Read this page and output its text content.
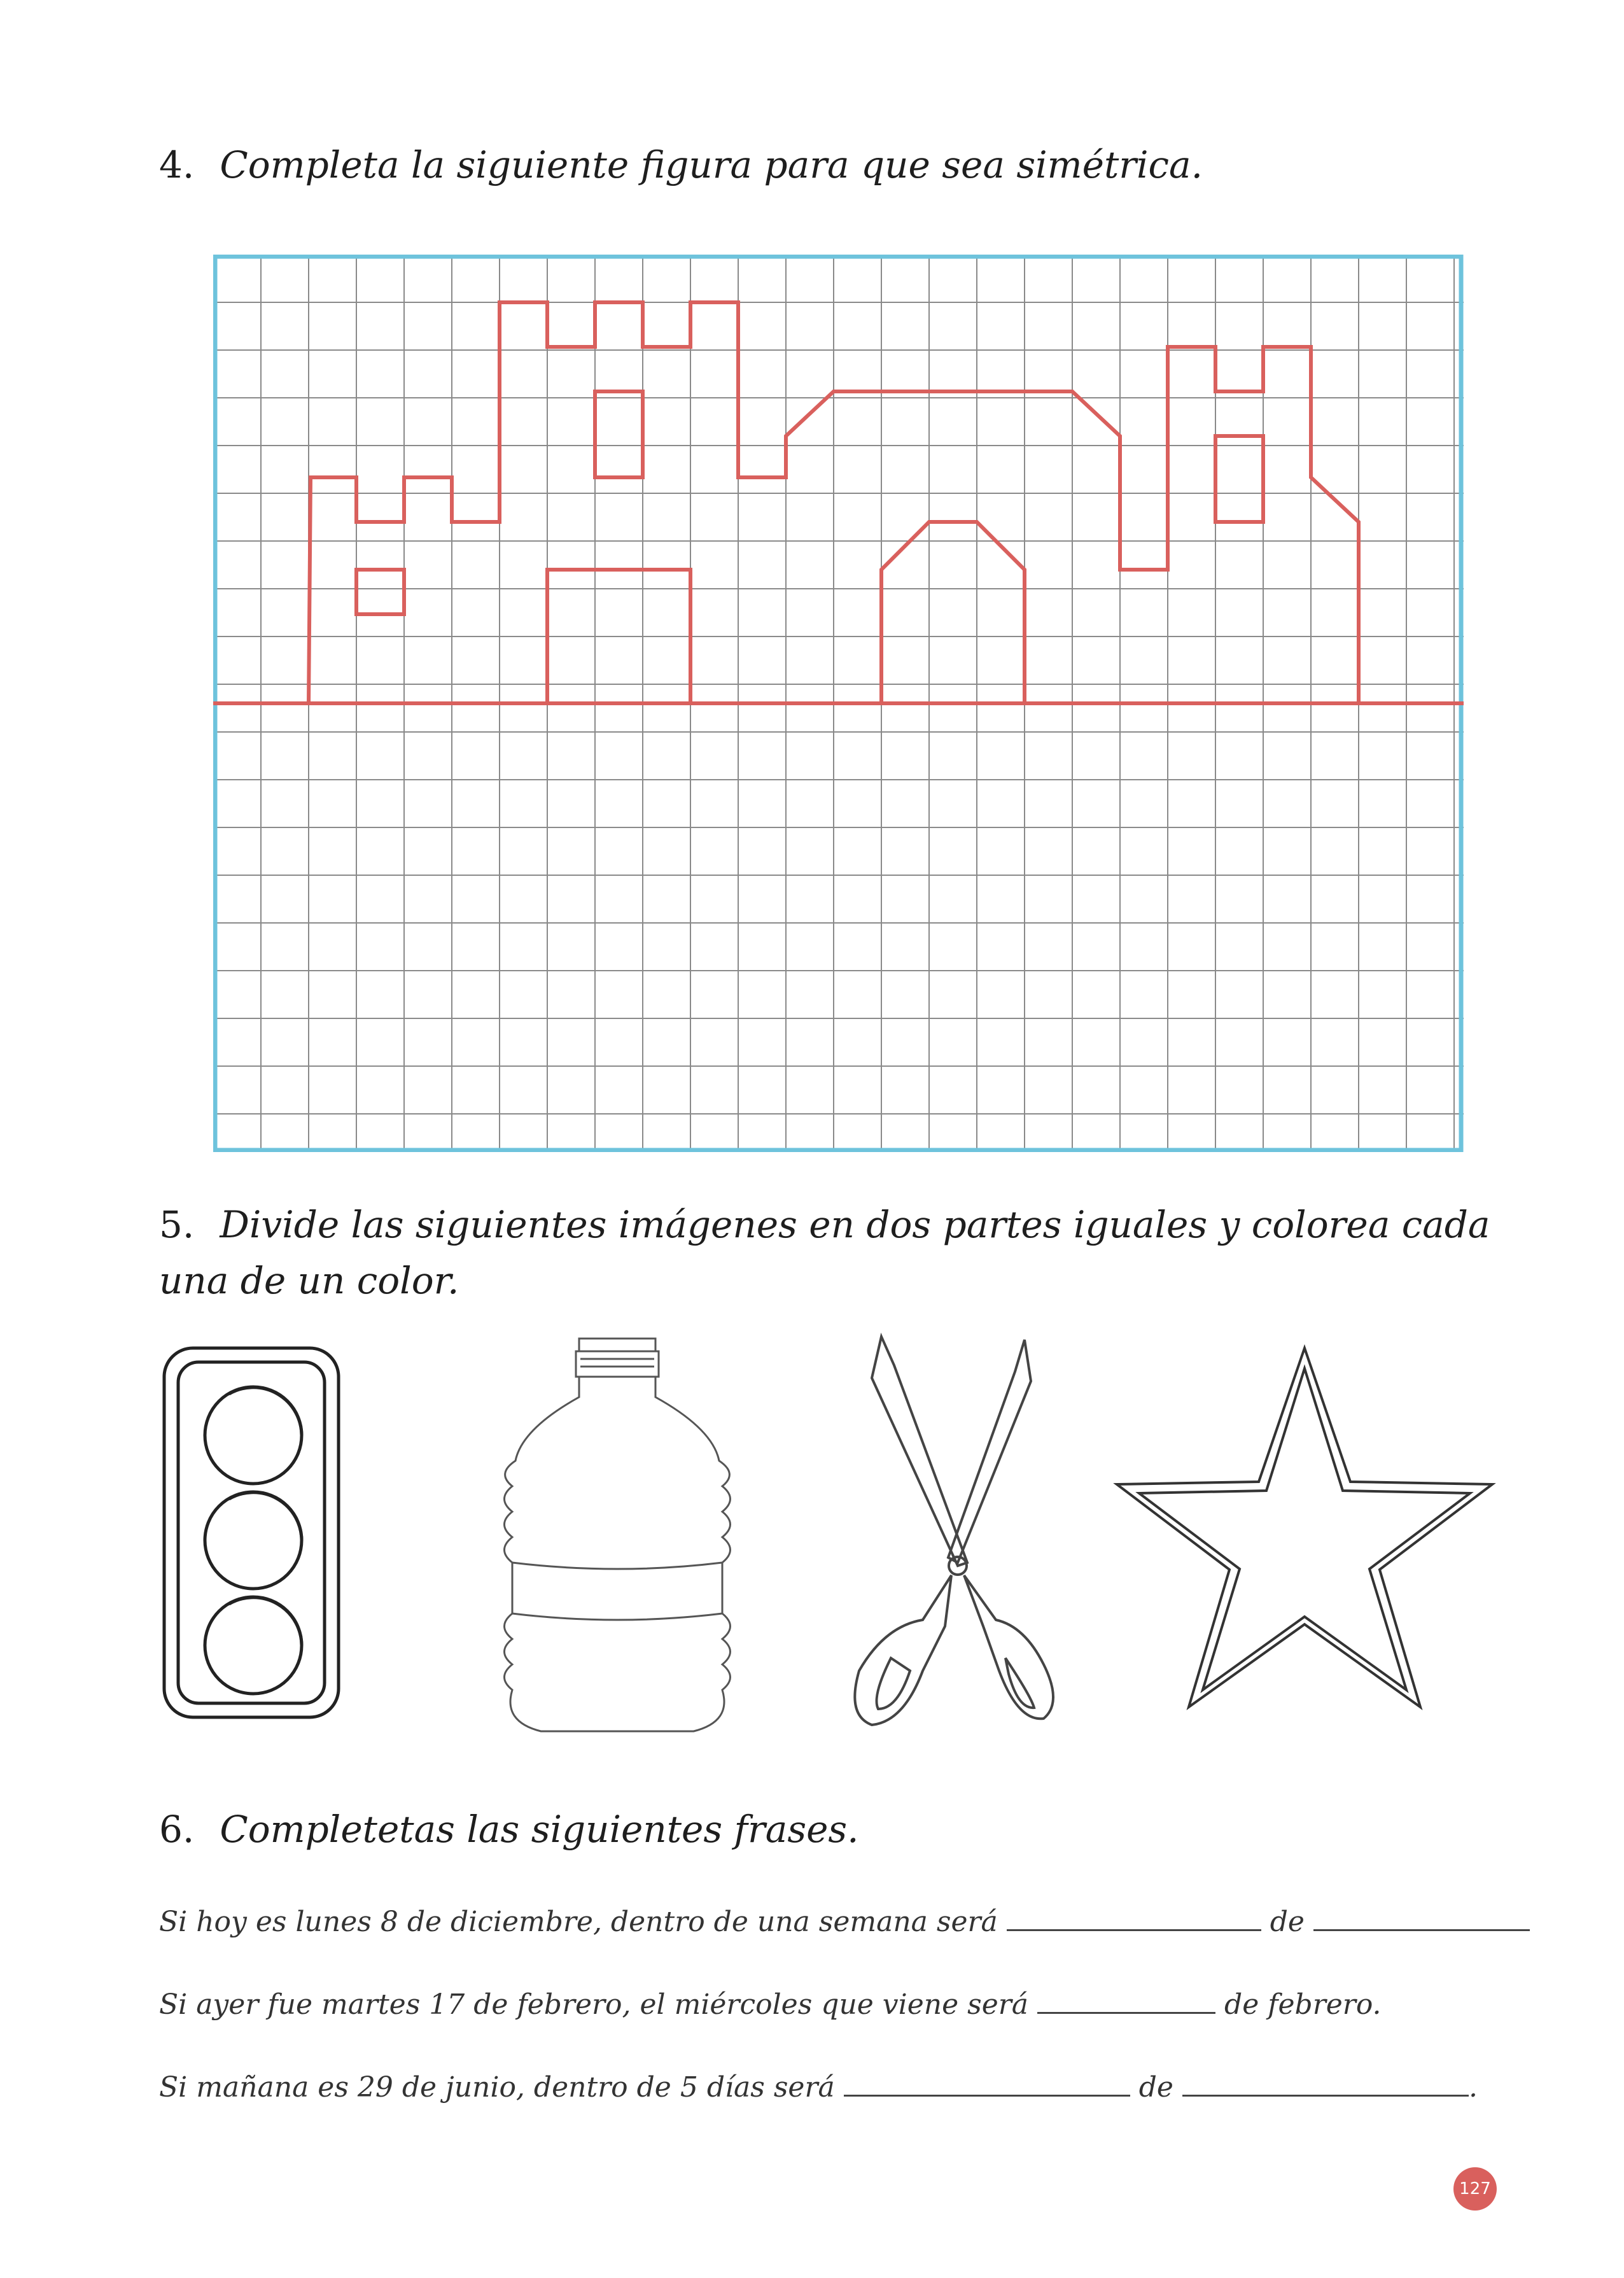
4. Completa la siguiente figura para que sea simétrica.
5. Divide las siguientes imágenes en dos partes iguales y colorea cada una de un color.
6. Completetas las siguientes frases.
Si hoy es lunes 8 de diciembre, dentro de una semana será	de
Si ayer fue martes 17 de febrero, el miércoles que viene será	de febrero.
Si mañana es 29 de junio, dentro de 5 días será	de	.
127
